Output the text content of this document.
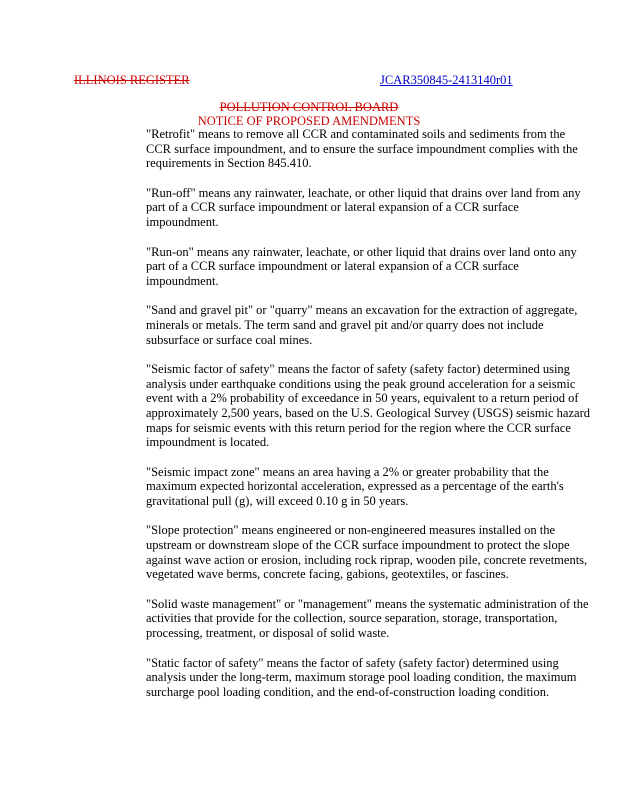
ILLINOIS REGISTER	JCAR350845-2413140r01
POLLUTION CONTROL BOARD
NOTICE OF PROPOSED AMENDMENTS

"Retrofit" means to remove all CCR and contaminated soils and sediments from the CCR surface impoundment, and to ensure the surface impoundment complies with the requirements in Section 845.410.

"Run-off" means any rainwater, leachate, or other liquid that drains over land from any part of a CCR surface impoundment or lateral expansion of a CCR surface impoundment.

"Run-on" means any rainwater, leachate, or other liquid that drains over land onto any part of a CCR surface impoundment or lateral expansion of a CCR surface impoundment.

"Sand and gravel pit" or "quarry" means an excavation for the extraction of aggregate, minerals or metals. The term sand and gravel pit and/or quarry does not include subsurface or surface coal mines.

"Seismic factor of safety" means the factor of safety (safety factor) determined using analysis under earthquake conditions using the peak ground acceleration for a seismic event with a 2% probability of exceedance in 50 years, equivalent to a return period of approximately 2,500 years, based on the U.S. Geological Survey (USGS) seismic hazard maps for seismic events with this return period for the region where the CCR surface impoundment is located.

"Seismic impact zone" means an area having a 2% or greater probability that the maximum expected horizontal acceleration, expressed as a percentage of the earth's gravitational pull (g), will exceed 0.10 g in 50 years.

"Slope protection" means engineered or non-engineered measures installed on the upstream or downstream slope of the CCR surface impoundment to protect the slope against wave action or erosion, including rock riprap, wooden pile, concrete revetments, vegetated wave berms, concrete facing, gabions, geotextiles, or fascines.

"Solid waste management" or "management" means the systematic administration of the activities that provide for the collection, source separation, storage, transportation, processing, treatment, or disposal of solid waste.

"Static factor of safety" means the factor of safety (safety factor) determined using analysis under the long-term, maximum storage pool loading condition, the maximum surcharge pool loading condition, and the end-of-construction loading condition.
